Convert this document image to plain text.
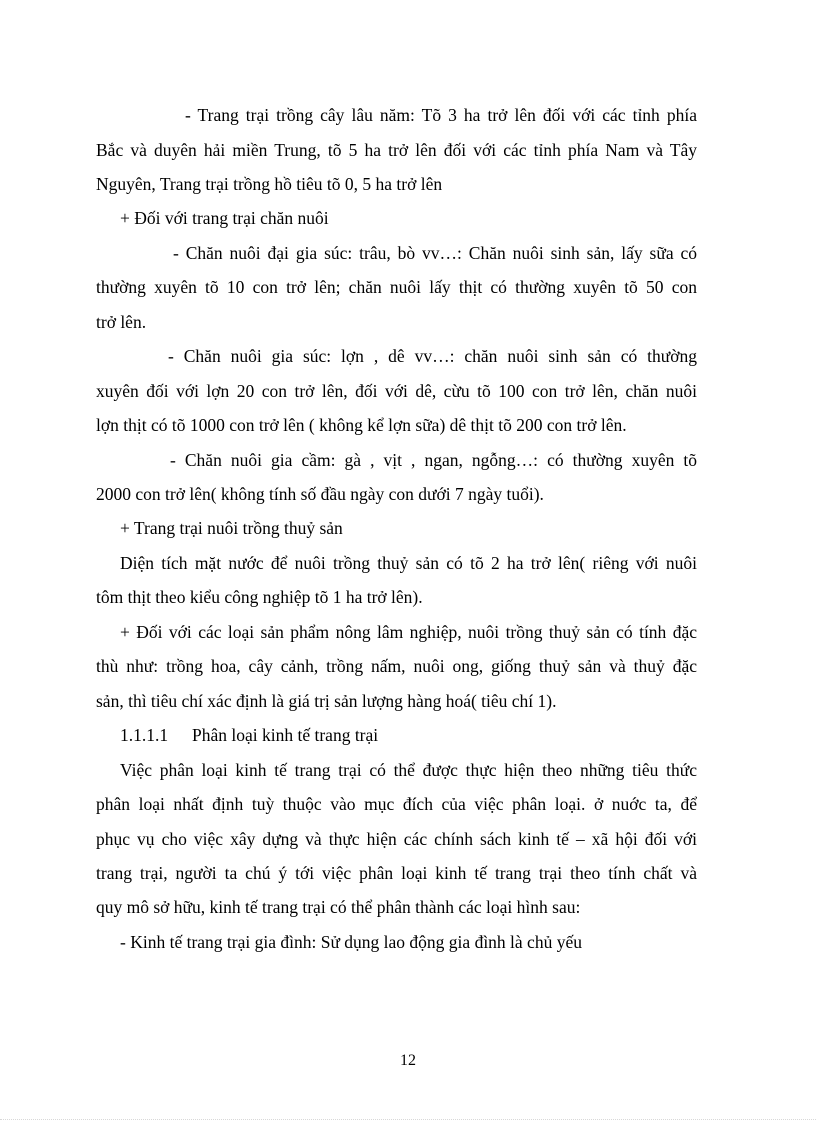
- Trang trại trồng cây lâu năm: Tõ 3 ha trở lên đối với các tỉnh phía
Bắc và duyên hải miền Trung, tõ 5 ha trở lên đối với các tỉnh phía Nam và Tây
Nguyên, Trang trại trồng hồ tiêu tõ 0, 5 ha trở lên
+ Đối với trang trại chăn nuôi
- Chăn nuôi đại gia súc: trâu, bò vv…: Chăn nuôi sinh sản, lấy sữa có
thường xuyên tõ 10 con trở lên; chăn nuôi lấy thịt có thường xuyên tõ 50 con
trở lên.
- Chăn nuôi gia súc: lợn , dê vv…: chăn nuôi sinh sản có thường
xuyên đối với lợn 20 con trở lên, đối với dê, cừu tõ 100 con trở lên, chăn nuôi
lợn thịt có tõ 1000 con trở lên ( không kể lợn sữa) dê thịt tõ 200 con trở lên.
- Chăn nuôi gia cầm: gà , vịt , ngan, ngỗng…: có thường xuyên tõ
2000 con trở lên( không tính số đầu ngày con dưới 7 ngày tuổi).
+ Trang trại nuôi trồng thuỷ sản
Diện tích mặt nước để nuôi trồng thuỷ sản có tõ 2 ha trở lên( riêng với nuôi
tôm thịt theo kiểu công nghiệp tõ 1 ha trở lên).
+ Đối với các loại sản phẩm nông lâm nghiệp, nuôi trồng thuỷ sản có tính đặc
thù như: trồng hoa, cây cảnh, trồng nấm, nuôi ong, giống thuỷ sản và thuỷ đặc
sản, thì tiêu chí xác định là giá trị sản lượng hàng hoá( tiêu chí 1).
1.1.1.1 Phân loại kinh tế trang trại
Việc phân loại kinh tế trang trại có thể được thực hiện theo những tiêu thức
phân loại nhất định tuỳ thuộc vào mục đích của việc phân loại. ở nuớc ta, để
phục vụ cho việc xây dựng và thực hiện các chính sách kinh tế – xã hội đối với
trang trại, người ta chú ý tới việc phân loại kinh tế trang trại theo tính chất và
quy mô sở hữu, kinh tế trang trại có thể phân thành các loại hình sau:
- Kinh tế trang trại gia đình: Sử dụng lao động gia đình là chủ yếu
12
